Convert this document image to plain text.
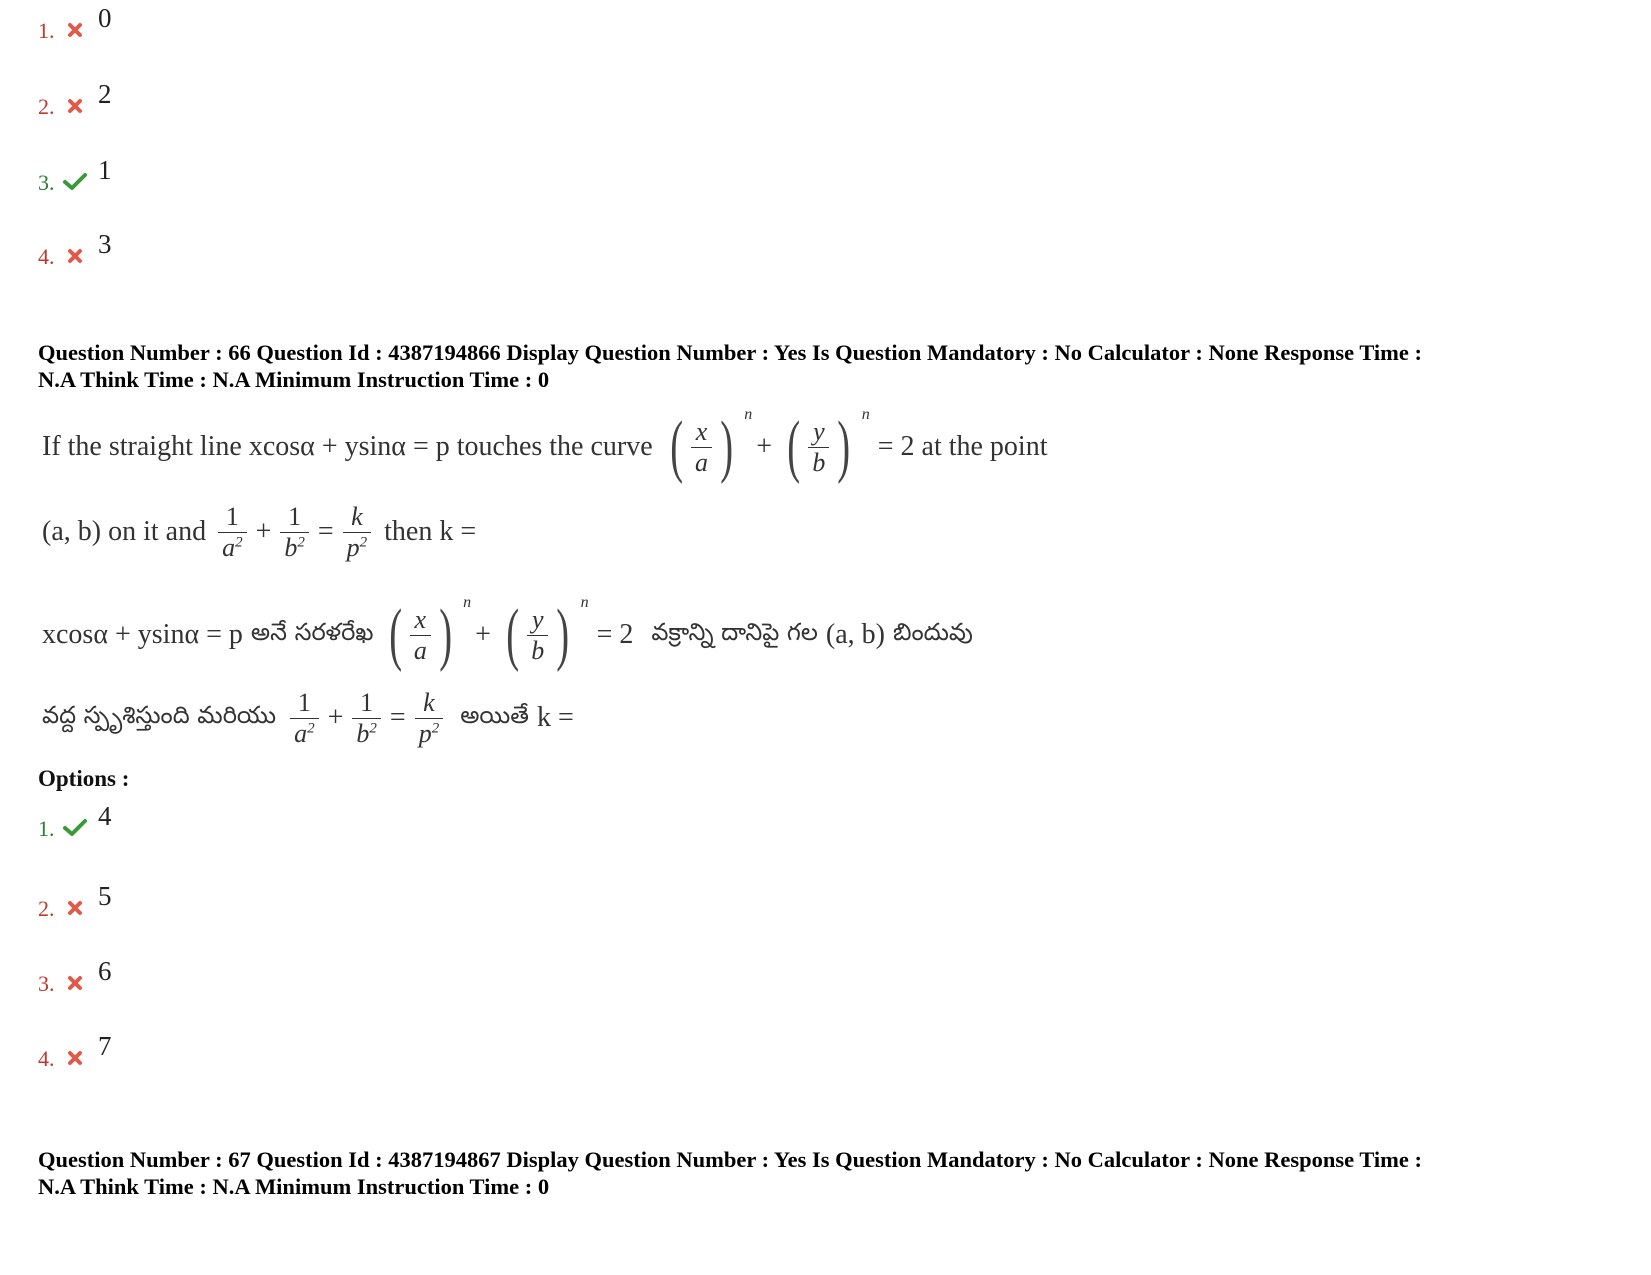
1. 0
2. 2
3. 1
4. 3
Question Number : 66 Question Id : 4387194866 Display Question Number : Yes Is Question Mandatory : No Calculator : None Response Time :
N.A Think Time : N.A Minimum Instruction Time : 0
If the straight line xcosα + ysinα = p touches the curve ( $\frac{x}{a}$ ) n
+ ( $\frac{y}{b}$ ) n
= 2 at the point
(a, b) on it and $\frac{1}{a^2} + \frac{1}{b^2} = \frac{k}{p^2}$ then k =
xcosα + ysinα = p అనే సరళరేఖ ( $\frac{x}{a}$ ) n
+ ( $\frac{y}{b}$ ) n
= 2 వక్రాన్ని దానిపై గల (a, b) బిందువు
వద్ద స్పృశిస్తుంది మరియు $\frac{1}{a^2} + \frac{1}{b^2} = \frac{k}{p^2}$ అయితే k =
Options :
1. 4
2. 5
3. 6
4. 7
Question Number : 67 Question Id : 4387194867 Display Question Number : Yes Is Question Mandatory : No Calculator : None Response Time :
N.A Think Time : N.A Minimum Instruction Time : 0
